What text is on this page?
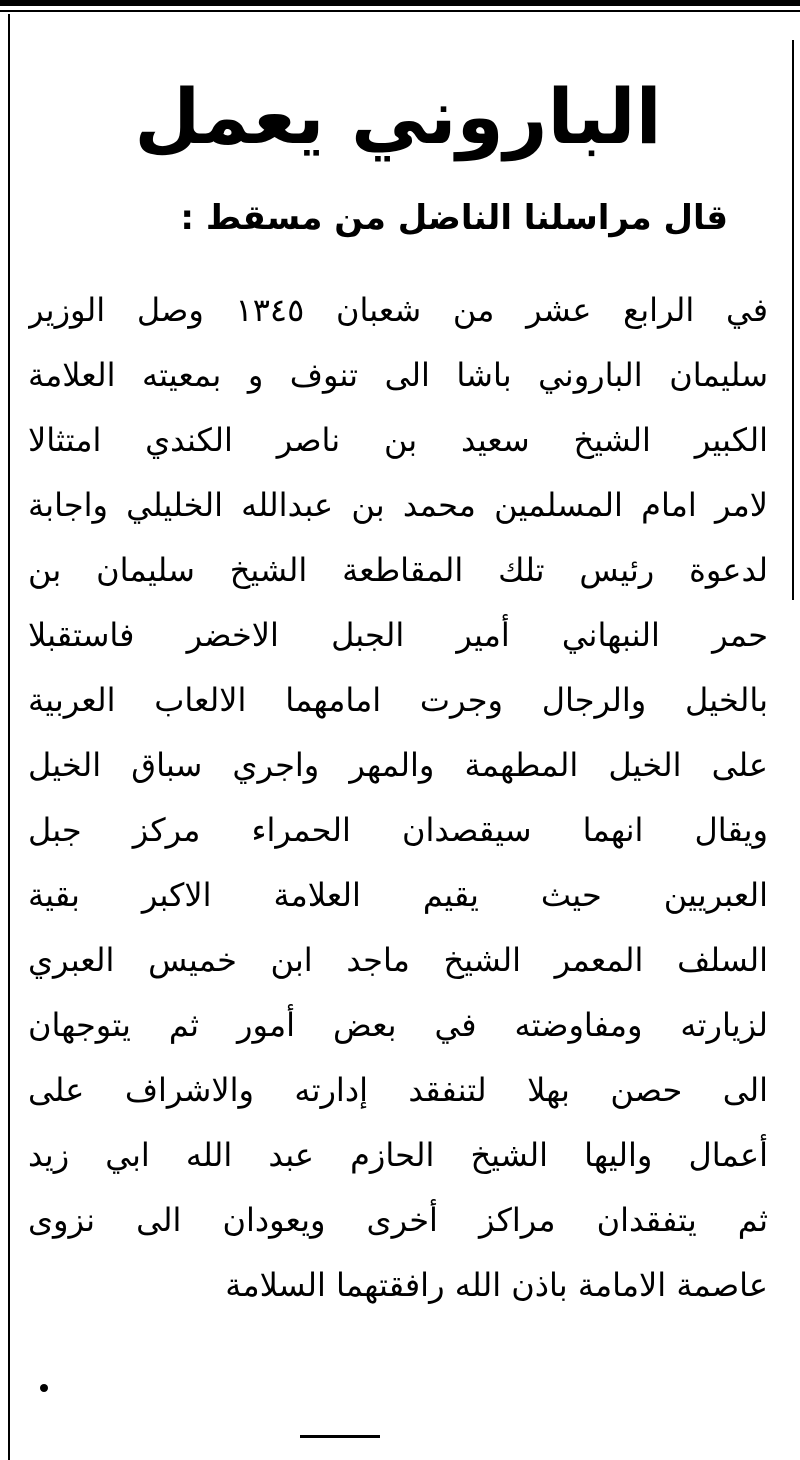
الباروني يعمل
قال مراسلنا الناضل من مسقط :
في الرابع عشر من شعبان ١٣٤٥ وصل الوزير
سليمان الباروني باشا الى تنوف و بمعيته العلامة
الكبير الشيخ سعيد بن ناصر الكندي امتثالا
لامر امام المسلمين محمد بن عبدالله الخليلي واجابة
لدعوة رئيس تلك المقاطعة الشيخ سليمان بن
حمر النبهاني أمير الجبل الاخضر فاستقبلا
بالخيل والرجال وجرت امامهما الالعاب العربية
على الخيل المطهمة والمهر واجري سباق الخيل
ويقال انهما سيقصدان الحمراء مركز جبل
العبريين حيث يقيم العلامة الاكبر بقية
السلف المعمر الشيخ ماجد ابن خميس العبري
لزيارته ومفاوضته في بعض أمور ثم يتوجهان
الى حصن بهلا لتنفقد إدارته والاشراف على
أعمال واليها الشيخ الحازم عبد الله ابي زيد
ثم يتفقدان مراكز أخرى ويعودان الى نزوى
عاصمة الامامة باذن الله رافقتهما السلامة
